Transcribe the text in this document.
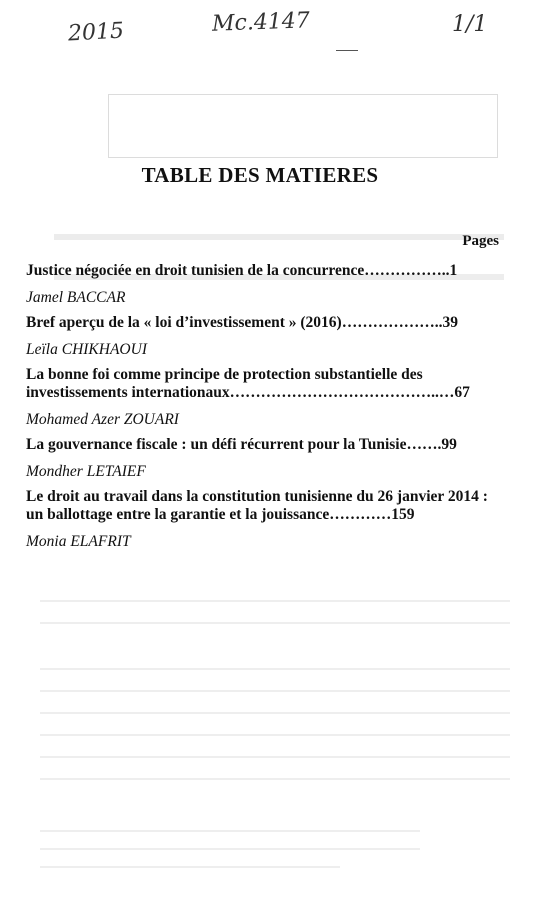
2015	Mc.4147	1/1
TABLE DES MATIERES
Pages
Justice négociée en droit tunisien de la concurrence……………..1
Jamel BACCAR
Bref aperçu de la « loi d’investissement » (2016)………………..39
Leïla CHIKHAOUI
La bonne foi comme principe de protection substantielle des investissements internationaux…………………………………..…67
Mohamed Azer ZOUARI
La gouvernance fiscale : un défi récurrent pour la Tunisie…….99
Mondher LETAIEF
Le droit au travail dans la constitution tunisienne du 26 janvier 2014 : un ballottage entre la garantie et la jouissance…………159
Monia ELAFRIT
